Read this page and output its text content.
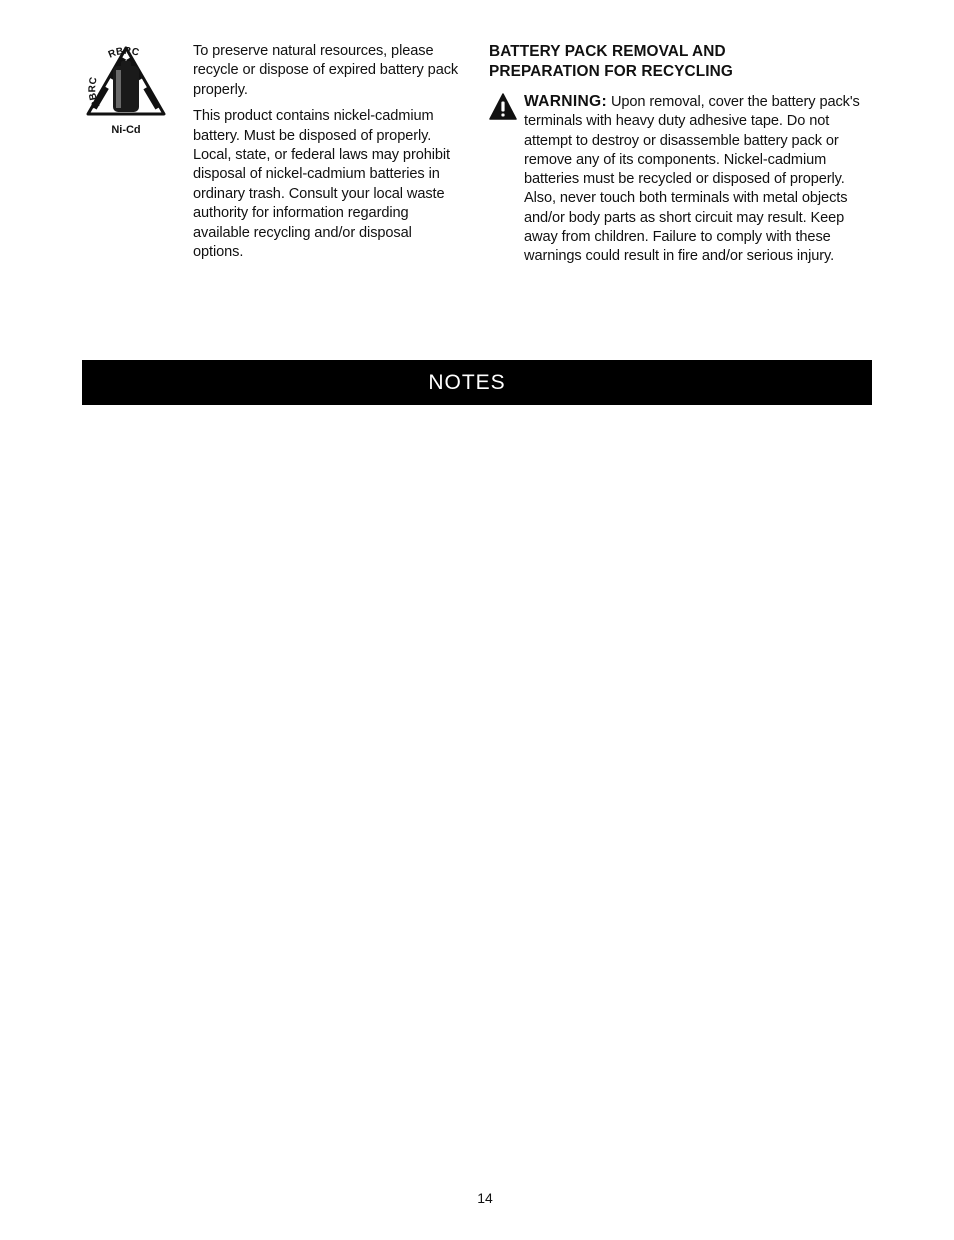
RBRC
RBRC
Ni-Cd

To preserve natural resources, please recycle or dispose of expired battery pack properly.

This product contains nickel-cadmium battery. Must be disposed of properly. Local, state, or federal laws may prohibit disposal of nickel-cadmium batteries in ordinary trash. Consult your local waste authority for information regarding available recycling and/or disposal options.

BATTERY PACK REMOVAL AND
PREPARATION FOR RECYCLING
WARNING: Upon removal, cover the battery pack's terminals with heavy duty adhesive tape. Do not attempt to destroy or disassemble battery pack or remove any of its components. Nickel-cadmium batteries must be recycled or disposed of properly. Also, never touch both terminals with metal objects and/or body parts as short circuit may result. Keep away from children. Failure to comply with these warnings could result in fire and/or serious injury.
NOTES
14
